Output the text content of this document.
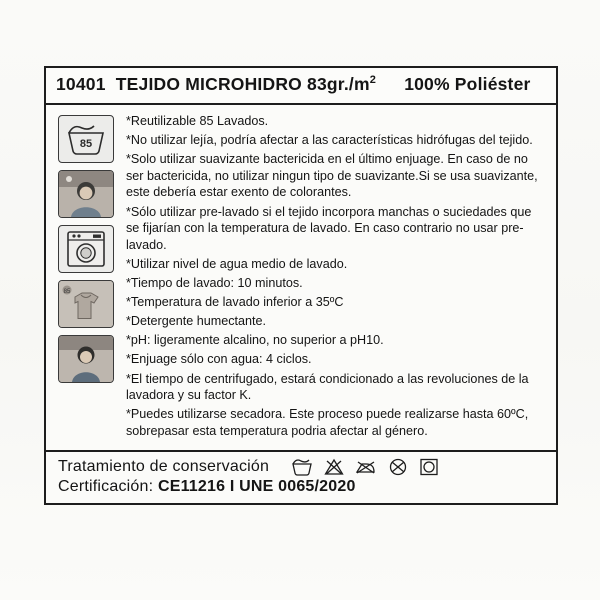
10401 TEJIDO MICROHIDRO $83gr./m^2$ 100% Poliéster
85
85

*Reutilizable 85 Lavados.

*No utilizar lejía, podría afectar a las características hidrófugas del tejido.

*Solo utilizar suavizante bactericida en el último enjuage. En caso de no ser bactericida, no utilizar ningun tipo de suavizante.Si se usa suavizante, este debería estar exento de colorantes.

*Sólo utilizar pre-lavado si el tejido incorpora manchas o suciedades que se fijarían con la temperatura de lavado. En caso contrario no usar pre-lavado.

*Utilizar nivel de agua medio de lavado.

*Tiempo de lavado: 10 minutos.

*Temperatura de lavado inferior a 35ºC

*Detergente humectante.

*pH: ligeramente alcalino, no superior a pH10.

*Enjuage sólo con agua: 4 ciclos.

*El tiempo de centrifugado, estará condicionado a las revoluciones de la lavadora y su factor K.

*Puedes utilizarse secadora. Este proceso puede realizarse hasta 60ºC, sobrepasar esta temperatura podria afectar al género.

Tratamiento de conservación
Certificación: CE11216 I UNE 0065/2020
